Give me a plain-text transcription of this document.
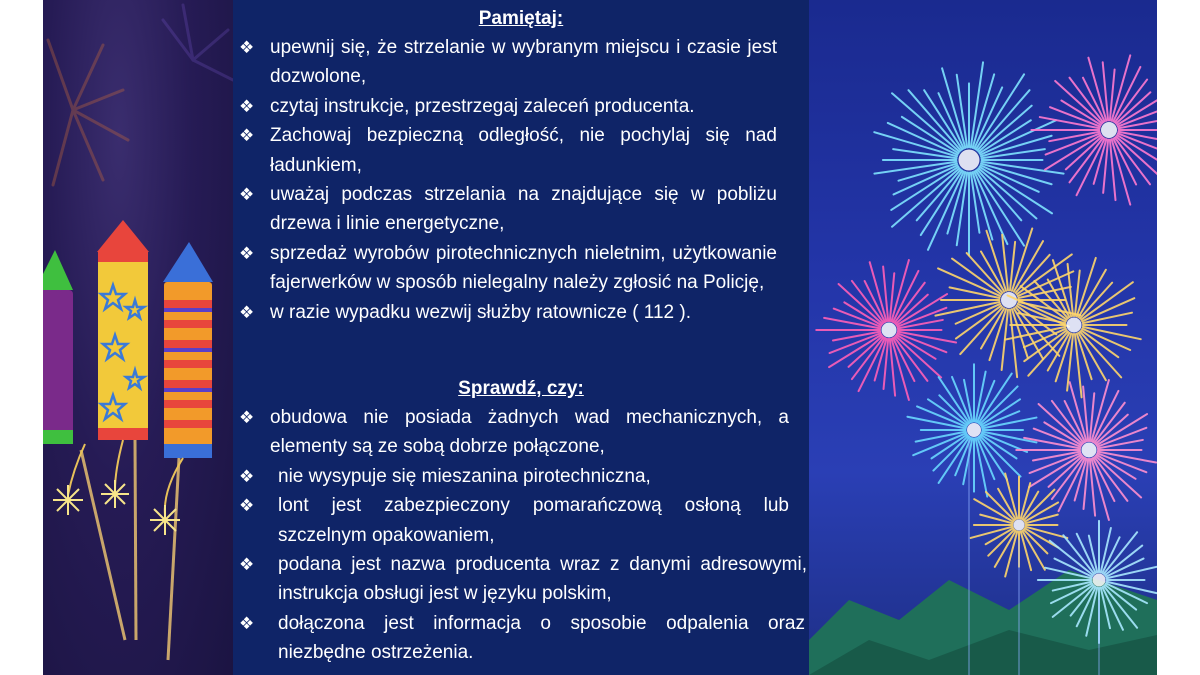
Pamiętaj:
❖ upewnij się, że strzelanie w wybranym miejscu i czasie jest dozwolone,
❖ czytaj instrukcje, przestrzegaj zaleceń producenta.
❖ Zachowaj bezpieczną odległość, nie pochylaj się nad ładunkiem,
❖ uważaj podczas strzelania na znajdujące się w pobliżu drzewa i linie energetyczne,
❖ sprzedaż wyrobów pirotechnicznych nieletnim, użytkowanie fajerwerków w sposób nielegalny należy zgłosić na Policję,
❖ w razie wypadku wezwij służby ratownicze ( 112 ).
Sprawdź, czy:
❖ obudowa nie posiada żadnych wad mechanicznych, a elementy są ze sobą dobrze połączone,
❖ nie wysypuje się mieszanina pirotechniczna,
❖ lont jest zabezpieczony pomarańczową osłoną lub szczelnym opakowaniem,
❖ podana jest nazwa producenta wraz z danymi adresowymi, instrukcja obsługi jest w języku polskim,
❖ dołączona jest informacja o sposobie odpalenia oraz niezbędne ostrzeżenia.
